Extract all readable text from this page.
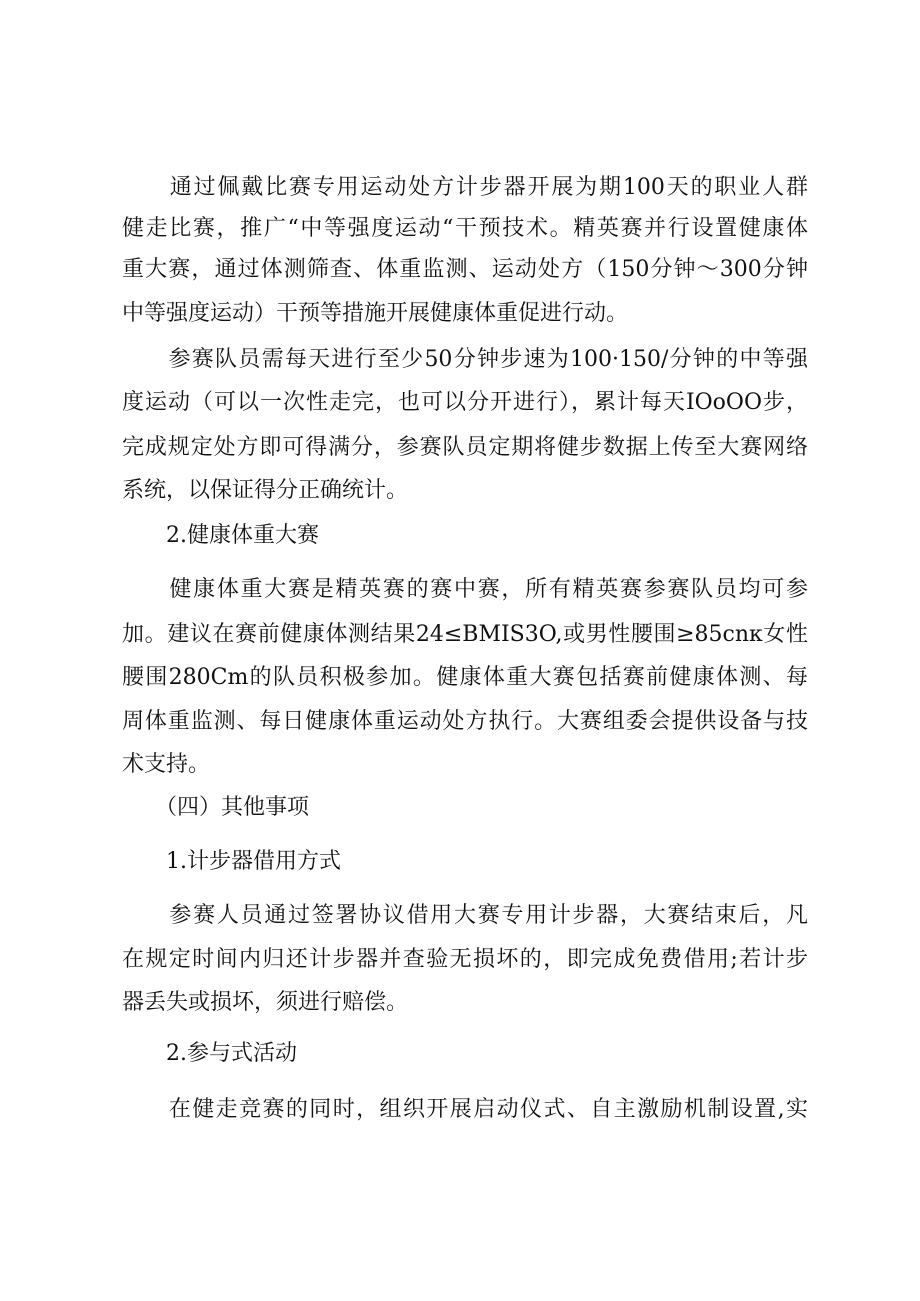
　　通过佩戴比赛专用运动处方计步器开展为期100天的职业人群
健走比赛，推广“中等强度运动“干预技术。精英赛并行设置健康体
重大赛，通过体测筛查、体重监测、运动处方（150分钟～300分钟
中等强度运动）干预等措施开展健康体重促进行动。
　　参赛队员需每天进行至少50分钟步速为100·150/分钟的中等强
度运动（可以一次性走完，也可以分开进行），累计每天IOoOO步，
完成规定处方即可得满分，参赛队员定期将健步数据上传至大赛网络
系统，以保证得分正确统计。
　　2.健康体重大赛
　　健康体重大赛是精英赛的赛中赛，所有精英赛参赛队员均可参
加。建议在赛前健康体测结果24≤BMIS3O,或男性腰围≥85cnκ女性
腰围280Cm的队员积极参加。健康体重大赛包括赛前健康体测、每
周体重监测、每日健康体重运动处方执行。大赛组委会提供设备与技
术支持。
　　（四）其他事项
　　1.计步器借用方式
　　参赛人员通过签署协议借用大赛专用计步器，大赛结束后，凡
在规定时间内归还计步器并查验无损坏的，即完成免费借用;若计步
器丢失或损坏，须进行赔偿。
　　2.参与式活动
　　在健走竞赛的同时，组织开展启动仪式、自主激励机制设置,实
